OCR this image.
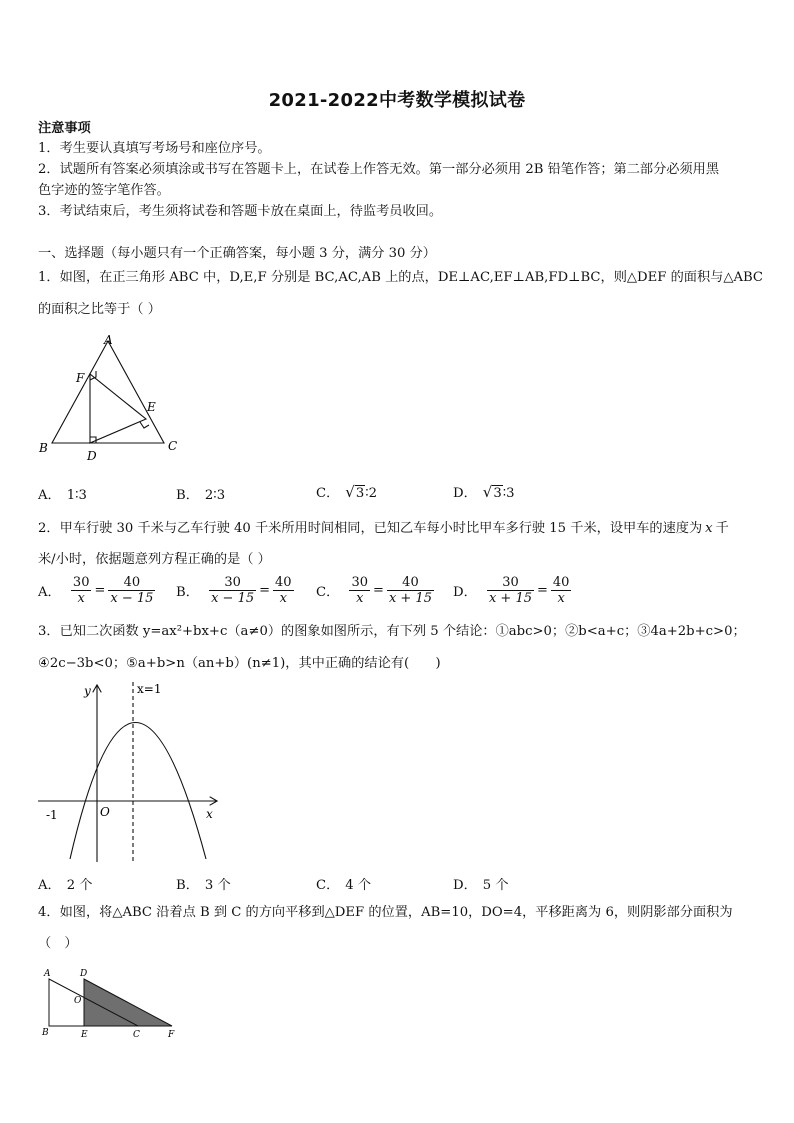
2021-2022中考数学模拟试卷
注意事项
1．考生要认真填写考场号和座位序号。
2．试题所有答案必须填涂或书写在答题卡上，在试卷上作答无效。第一部分必须用 2B 铅笔作答；第二部分必须用黑
色字迹的签字笔作答。
3．考试结束后，考生须将试卷和答题卡放在桌面上，待监考员收回。
一、选择题（每小题只有一个正确答案，每小题 3 分，满分 30 分）
1．如图，在正三角形 ABC 中，D,E,F 分别是 BC,AC,AB 上的点，DE⊥AC,EF⊥AB,FD⊥BC，则△DEF 的面积与△ABC
的面积之比等于（ ）
A
F
E
B	C
D
A． 1∶3	B． 2∶3	C． √3∶2	D． √3∶3
2．甲车行驶 30 千米与乙车行驶 40 千米所用时间相同，已知乙车每小时比甲车多行驶 15 千米，设甲车的速度为 x 千
米/小时，依据题意列方程正确的是（ ）
A． $\frac{30}{x} = \frac{40}{x - 15}$ B． $\frac{30}{x - 15} = \frac{40}{x}$ C． $\frac{30}{x} = \frac{40}{x + 15}$ D． $\frac{30}{x + 15} = \frac{40}{x}$
3．已知二次函数 y=ax²+bx+c（a≠0）的图象如图所示，有下列 5 个结论：①abc>0；②b<a+c；③4a+2b+c>0；
④2c−3b<0；⑤a+b>n（an+b）(n≠1)，其中正确的结论有(　　)
y	x=1
-1	O	x
A． 2 个	B． 3 个	C． 4 个	D． 5 个
4．如图，将△ABC 沿着点 B 到 C 的方向平移到△DEF 的位置，AB=10，DO=4，平移距离为 6，则阴影部分面积为
（　）
A	D
O
B	E	C	F
